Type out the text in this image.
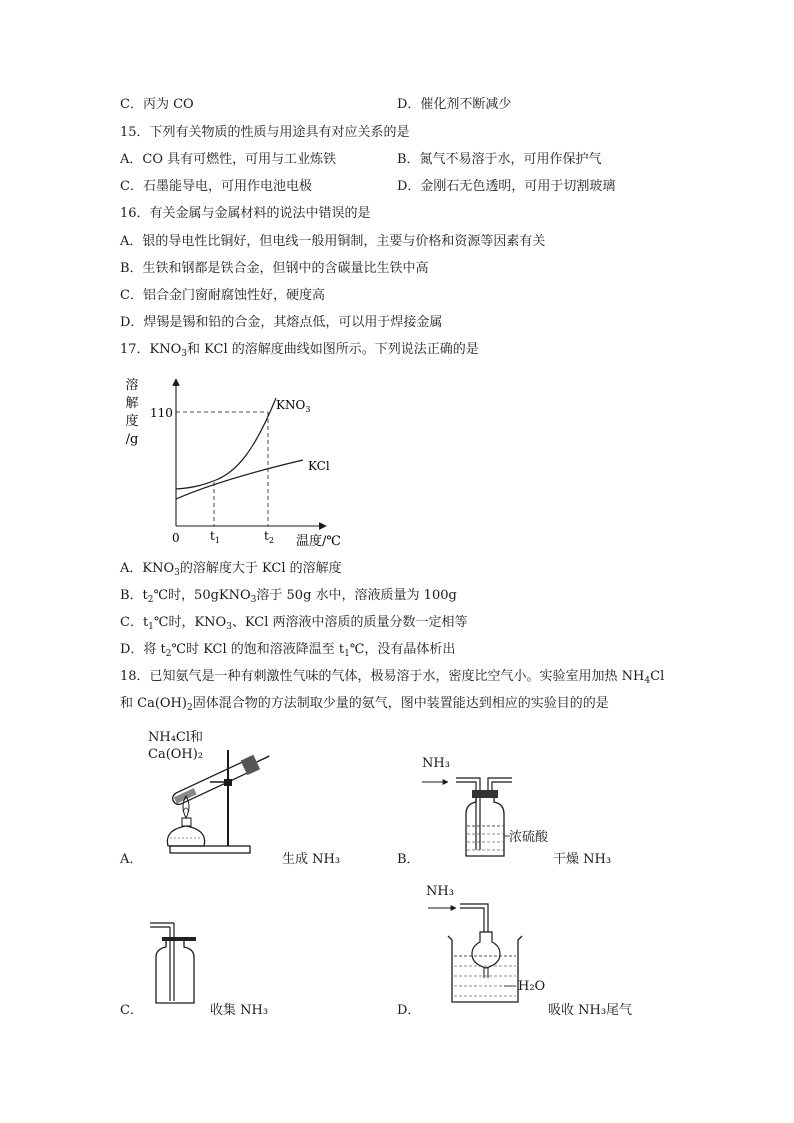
C．丙为 CO	D．催化剂不断减少
15．下列有关物质的性质与用途具有对应关系的是
A．CO 具有可燃性，可用与工业炼铁	B．氮气不易溶于水，可用作保护气
C．石墨能导电，可用作电池电极	D．金刚石无色透明，可用于切割玻璃
16．有关金属与金属材料的说法中错误的是
A．银的导电性比铜好，但电线一般用铜制，主要与价格和资源等因素有关
B．生铁和钢都是铁合金，但钢中的含碳量比生铁中高
C．铝合金门窗耐腐蚀性好，硬度高
D．焊锡是锡和铅的合金，其熔点低，可以用于焊接金属
17．$KNO_3$和 KCl 的溶解度曲线如图所示。下列说法正确的是
溶
解
度
/g
110
0	$t_1$	$t_2$
$KNO_3$
KCl
温度/℃
A．$KNO_3$的溶解度大于 KCl 的溶解度
B．$t_2℃$时，50gKNO$_3$溶于 50g 水中，溶液质量为 100g
C．$t_1℃$时，$KNO_3$、KCl 两溶液中溶质的质量分数一定相等
D．将 $t_2℃$时 KCl 的饱和溶液降温至 $t_1℃$，没有晶体析出
18．已知氨气是一种有刺激性气味的气体，极易溶于水，密度比空气小。实验室用加热 $NH_4Cl$
和 $Ca(OH)_2$固体混合物的方法制取少量的氨气，图中装置能达到相应的实验目的的是
NH₄Cl和
Ca(OH)₂
A．	生成 NH₃
NH₃
浓硫酸
B．	干燥 NH₃
C．	收集 NH₃
NH₃
H₂O
D．	吸收 NH₃尾气
